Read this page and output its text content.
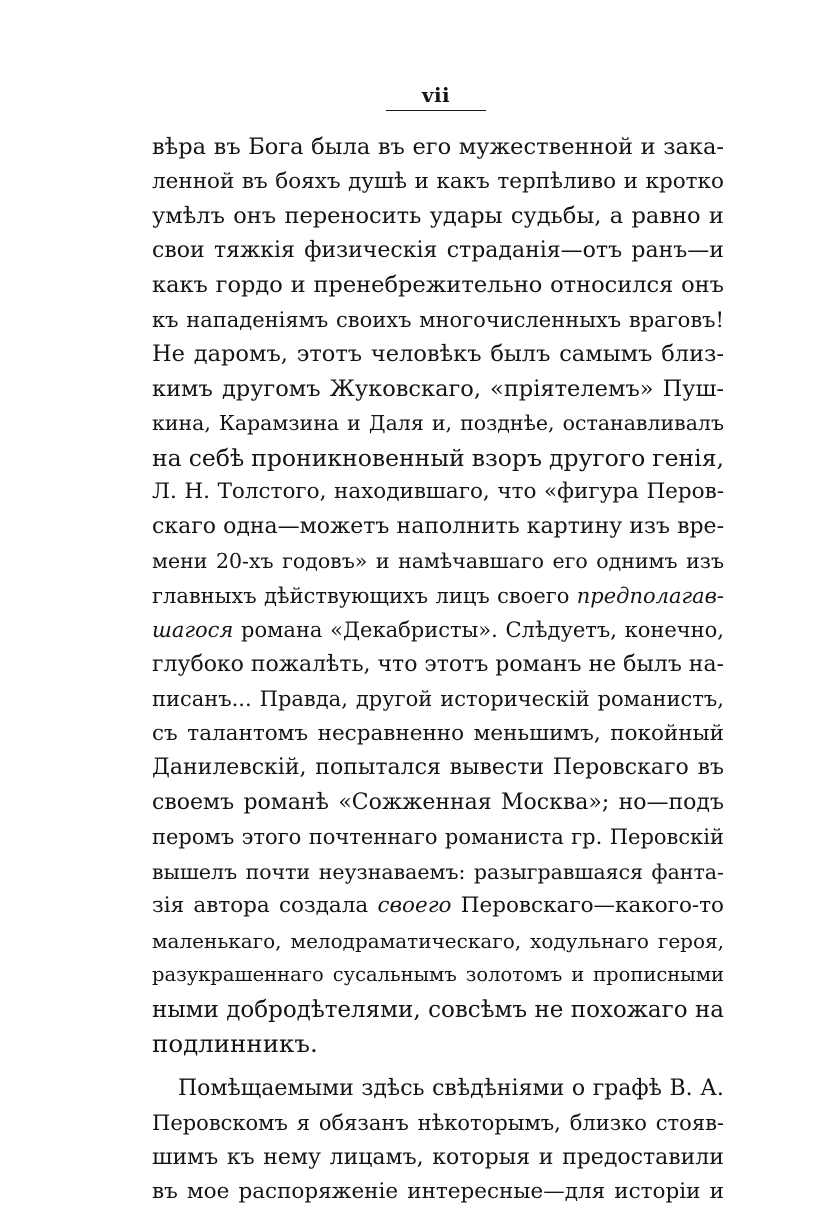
vii
вѣра въ Бога была въ его мужественной и зака-
ленной въ бояхъ душѣ и какъ терпѣливо и кротко
умѣлъ онъ переносить удары судьбы, а равно и
свои тяжкія физическія страданія—отъ ранъ—и
какъ гордо и пренебрежительно относился онъ
къ нападеніямъ своихъ многочисленныхъ враговъ!
Не даромъ, этотъ человѣкъ былъ самымъ близ-
кимъ другомъ Жуковскаго, «пріятелемъ» Пуш-
кина, Карамзина и Даля и, позднѣе, останавливалъ
на себѣ проникновенный взоръ другого генія,
Л. Н. Толстого, находившаго, что «фигура Перов-
скаго одна—можетъ наполнить картину изъ вре-
мени 20-хъ годовъ» и намѣчавшаго его однимъ изъ
главныхъ дѣйствующихъ лицъ своего предполагав-
шагося романа «Декабристы». Слѣдуетъ, конечно,
глубоко пожалѣть, что этотъ романъ не былъ на-
писанъ... Правда, другой историческій романистъ,
съ талантомъ несравненно меньшимъ, покойный
Данилевскій, попытался вывести Перовскаго въ
своемъ романѣ «Сожженная Москва»; но—подъ
перомъ этого почтеннаго романиста гр. Перовскій
вышелъ почти неузнаваемъ: разыгравшаяся фанта-
зія автора создала своего Перовскаго—какого-то
маленькаго, мелодраматическаго, ходульнаго героя,
разукрашеннаго сусальнымъ золотомъ и прописными
ными добродѣтелями, совсѣмъ не похожаго на
подлинникъ.
Помѣщаемыми здѣсь свѣдѣніями о графѣ В. А.
Перовскомъ я обязанъ нѣкоторымъ, близко стояв-
шимъ къ нему лицамъ, которыя и предоставили
въ мое распоряженіе интересные—для исторіи и
